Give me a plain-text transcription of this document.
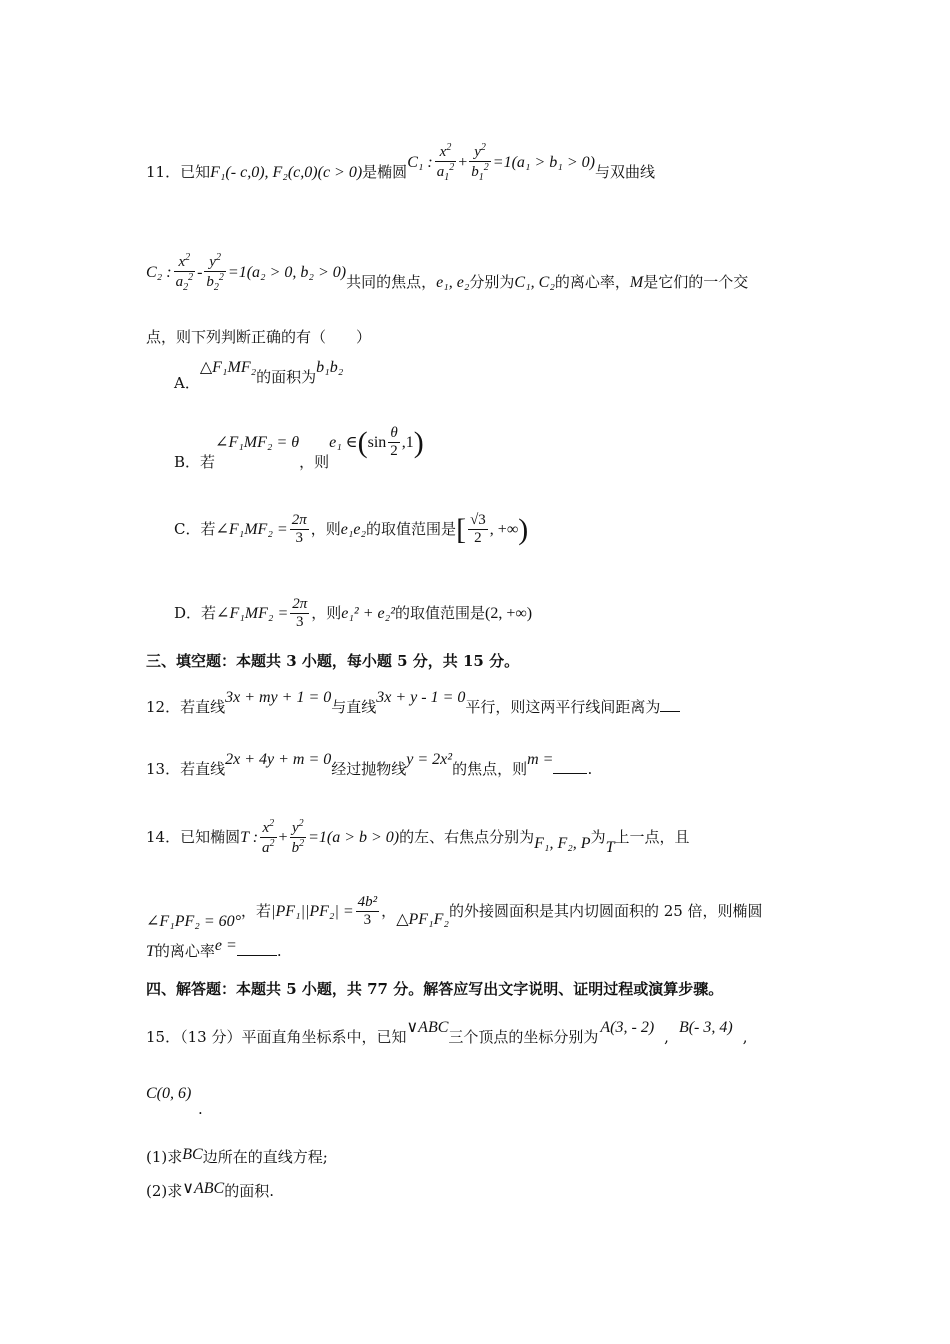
11．已知F₁(- c,0), F₂(c,0)(c > 0)是椭圆C₁ : $\frac{x^2}{a_1^2} + \frac{y^2}{b_1^2} =1(a_1 > b_1 > 0)$与双曲线
C₂ : $\frac{x^2}{a_2^2} - \frac{y^2}{b_2^2} =1(a_2 > 0$, b₂ > 0)共同的焦点，e₁, e₂分别为C₁, C₂的离心率，M是它们的一个交
点，则下列判断正确的有（　　）
A．△F₁MF₂的面积为b₁b₂
B．若∠F₁MF₂ = θ，则e₁ ∈(sin $\frac{\theta}{2} ,1$)
C．若∠F₁MF₂ = $\frac{2\pi}{3}$ ，则e₁e₂的取值范围是[ $\frac{√3}{2}$ , +∞)
D．若∠F₁MF₂ = $\frac{2\pi}{3}$ ，则e₁² + e₂²的取值范围是(2, +∞)
三、填空题：本题共 3 小题，每小题 5 分，共 15 分。
12．若直线3x + my + 1 = 0与直线3x + y - 1 = 0平行，则这两平行线间距离为
13．若直线2x + 4y + m = 0经过抛物线y = 2x²的焦点，则m =.
14．已知椭圆T : $\frac{x^2}{a^2} + \frac{y^2}{b^2} =1(a > b > 0)$的左、右焦点分别为F₁, F₂, P为T上一点，且
∠F₁PF₂ = 60°，若$|PF_1||PF_2| = \frac{\text{4b²}}{3}$ ，△PF₁F₂的外接圆面积是其内切圆面积的 25 倍，则椭圆
T的离心率e =	.
四、解答题：本题共 5 小题，共 77 分。解答应写出文字说明、证明过程或演算步骤。
15．（13 分）平面直角坐标系中，已知∨ABC三个顶点的坐标分别为A(3, - 2),B(- 3, 4),
C(0, 6)
.
(1)求BC边所在的直线方程;
(2)求∨ABC的面积.
